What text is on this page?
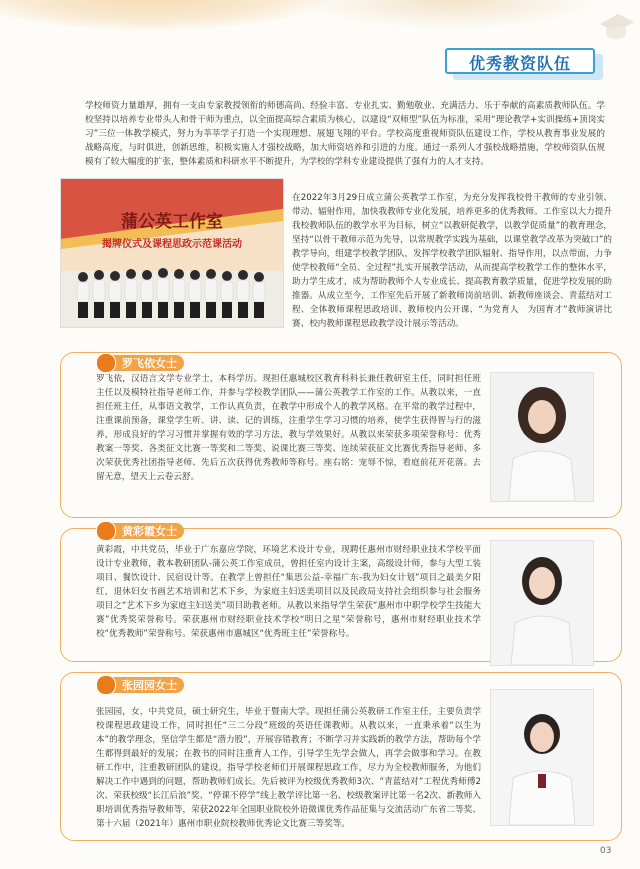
优秀教资队伍
学校师资力量雄厚，拥有一支由专家教授领衔的师德高尚、经验丰富、专业扎实、勤勉敬业、充满活力、乐于奉献的高素质教师队伍。学校坚持以培养专业带头人和骨干师为重点，以全面提高综合素质为核心，以建设“双师型”队伍为标准，采用“理论教学+实训操练+顶岗实习”三位一体教学模式，努力为莘莘学子打造一个实现理想、展翅飞翔的平台。学校高度重视师资队伍建设工作，学校从教育事业发展的战略高度，与时俱进，创新思维，积极实施人才强校战略，加大师资培养和引进的力度。通过一系列人才强校战略措施，学校师资队伍规模有了较大幅度的扩张，整体素质和科研水平不断提升，为学校的学科专业建设提供了强有力的人才支持。
蒲公英工作室
揭牌仪式及课程思政示范课活动
在2022年3月29日成立蒲公英教学工作室，为充分发挥我校骨干教师的专业引领、带动、辐射作用，加快我教师专业化发展，培养更多的优秀教师。工作室以大力提升我校教师队伍的教学水平为目标，树立“以教研促教学，以教学促质量”的教育理念，坚持“以骨干教师示范为先导，以常规教学实践为基础，以课堂教学改革为突破口”的教学导向，组建学校教学团队，发挥学校教学团队辐射、指导作用，以点带面，力争使学校教师“全员、全过程”扎实开展教学活动，从而提高学校教学工作的整体水平，助力学生成才，成为帮助教师个人专业成长、提高教育教学质量，促进学校发展的助推器。从成立至今，工作室先后开展了新教师岗前培训、新教师座谈会、青蓝结对工程、全体教师课程思政培训、教师校内公开课、“为党育人　为国育才”教师演讲比赛、校内教师课程思政教学设计展示等活动。
罗飞依女士
罗飞依，汉语言文学专业学士，本科学历。现担任惠城校区教育科科长兼任教研室主任，同时担任班主任以及模特社指导老师工作，并参与学校教学团队——蒲公英教学工作室的工作。从教以来，一直担任班主任，从事语文教学，工作认真负责，在教学中形成个人的教学风格。在平常的教学过程中，注重课前预备，课堂学生听、讲、读、记的训练，注重学生学习习惯的培养，使学生获得智与行的滋养，形成良好的学习习惯并掌握有效的学习方法，教与学效果好。从教以来荣获多项荣誉称号：优秀教案一等奖、各类征文比赛一等奖和二等奖、说课比赛三等奖、连续荣获征文比赛优秀指导老师、多次荣获优秀社团指导老师、先后五次获得优秀教师等称号。座右铭：宠辱不惊，看庭前花开花落。去留无意，望天上云卷云舒。
黄彩霞女士
黄彩霞，中共党员，毕业于广东嘉应学院，环境艺术设计专业，现聘任惠州市财经职业技术学校平面设计专业教师，教本教研团队-蒲公英工作室成员，曾担任室内设计主案，高级设计师，参与大型工装项目、餐饮设计、民宿设计等。在教学上曾担任“集思公益-幸福广东-我为妇女计划”项目之最美夕阳红，退休妇女书画艺术培训和艺术下乡，为家庭主妇送美项目以及民政局支持社会组织参与社会服务项目之“艺术下乡为家庭主妇送美”项目助教老师。从教以来指导学生荣获“惠州市中职学校学生技能大赛”优秀奖荣誉称号。荣获惠州市财经职业技术学校“明日之星”荣誉称号，惠州市财经职业技术学校“优秀教师”荣誉称号。荣获惠州市惠城区“优秀班主任”荣誉称号。
张园园女士
张园园，女，中共党员，硕士研究生，毕业于暨南大学。现担任蒲公英教研工作室主任，主要负责学校课程思政建设工作，同时担任“三二分段”班级的英语任课教师。从教以来，一直秉承着“以生为本”的教学理念，坚信学生都是“潜力股”，开展容错教育；不断学习并实践新的教学方法，帮助每个学生都得到最好的发展；在教书的同时注重育人工作，引导学生先学会做人，再学会做事和学习。在教研工作中，注重教研团队的建设，指导学校老师们开展课程思政工作，尽力为全校教师服务，为他们解决工作中遇到的问题，帮助教师们成长。先后被评为校级优秀教师3次、“青蓝结对”工程优秀师傅2次、荣获校级“长江后浪”奖、“停课不停学”线上教学评比第一名、校级教案评比第一名2次、新教师入职培训优秀指导教师等，荣获2022年全国职业院校外语微课优秀作品征集与交流活动广东省二等奖、第十六届（2021年）惠州市职业院校教师优秀论文比赛三等奖等。
03
